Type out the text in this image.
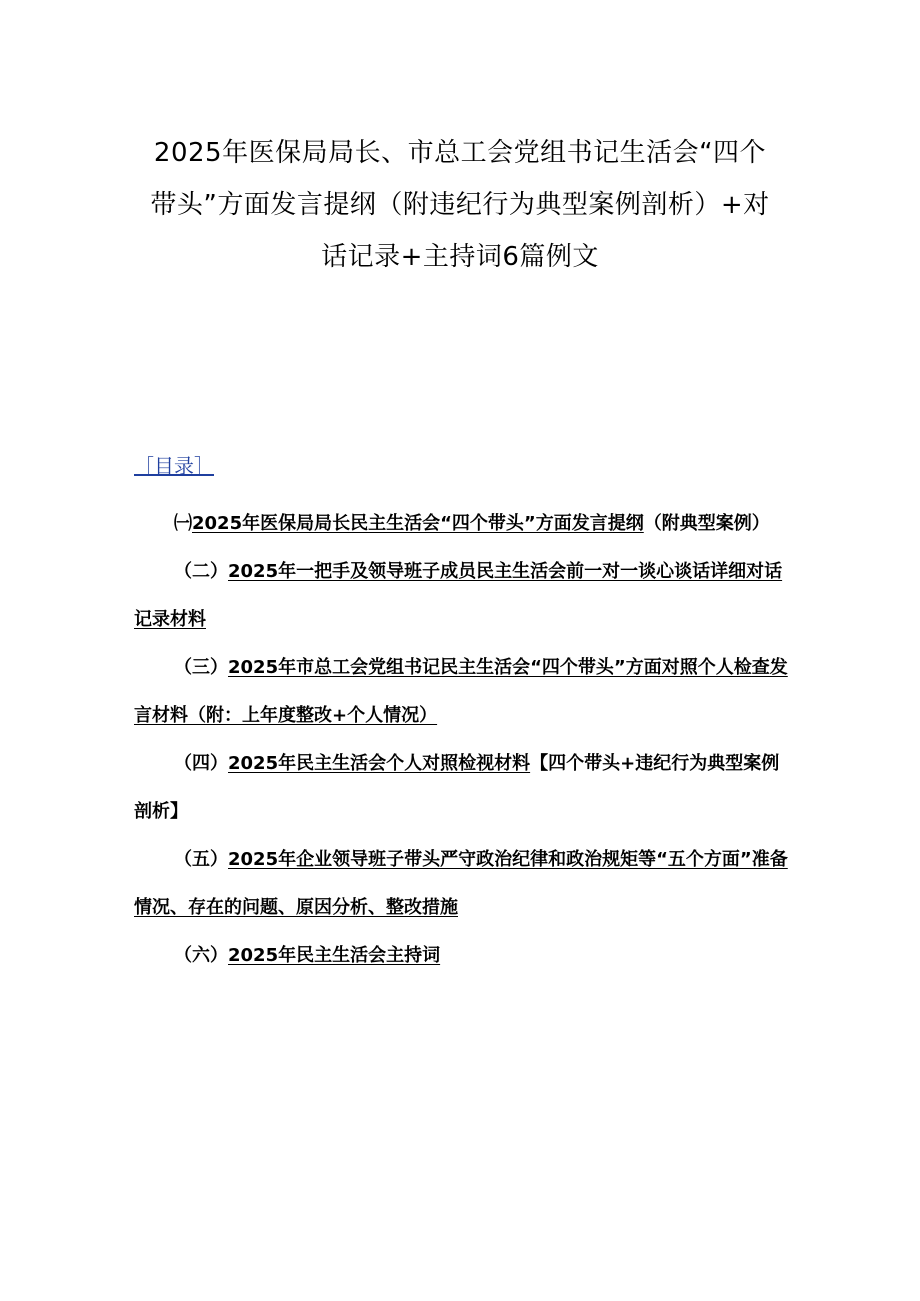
2025年医保局局长、市总工会党组书记生活会“四个
带头”方面发言提纲（附违纪行为典型案例剖析）+对
话记录+主持词6篇例文
［目录］
㈠2025年医保局局长民主生活会“四个带头”方面发言提纲（附典型案例）
（二）2025年一把手及领导班子成员民主生活会前一对一谈心谈话详细对话记录材料
（三）2025年市总工会党组书记民主生活会“四个带头”方面对照个人检查发言材料（附：上年度整改+个人情况）
（四）2025年民主生活会个人对照检视材料【四个带头+违纪行为典型案例剖析】
（五）2025年企业领导班子带头严守政治纪律和政治规矩等“五个方面”准备情况、存在的问题、原因分析、整改措施
（六）2025年民主生活会主持词
